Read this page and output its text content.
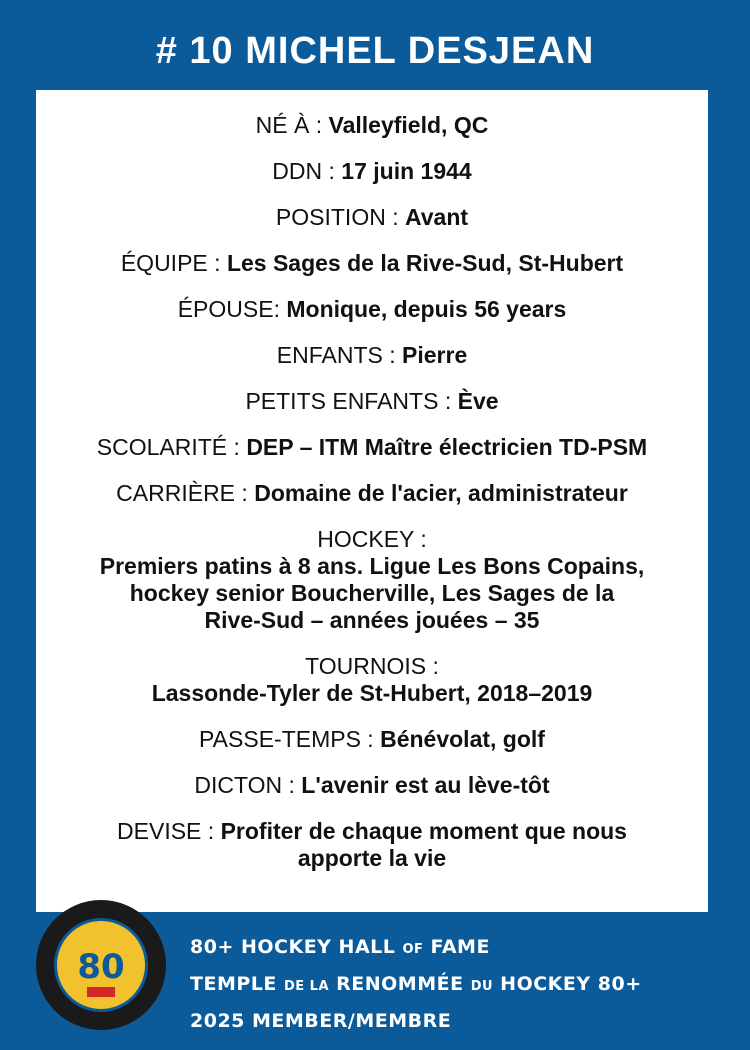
# 10 MICHEL DESJEAN
NÉ À : Valleyfield, QC
DDN : 17 juin 1944
POSITION : Avant
ÉQUIPE : Les Sages de la Rive-Sud, St-Hubert
ÉPOUSE: Monique, depuis 56 years
ENFANTS : Pierre
PETITS ENFANTS : Ève
SCOLARITÉ : DEP – ITM Maître électricien TD-PSM
CARRIÈRE : Domaine de l'acier, administrateur
HOCKEY :
Premiers patins à 8 ans. Ligue Les Bons Copains,
hockey senior Boucherville, Les Sages de la
Rive-Sud – années jouées – 35
TOURNOIS :
Lassonde-Tyler de St-Hubert, 2018–2019
PASSE-TEMPS : Bénévolat, golf
DICTON : L'avenir est au lève-tôt
DEVISE : Profiter de chaque moment que nous
apporte la vie
80	80+ HOCKEY HALL OF FAME
TEMPLE DE LA RENOMMÉE DU HOCKEY 80+
2025 MEMBER/MEMBRE
